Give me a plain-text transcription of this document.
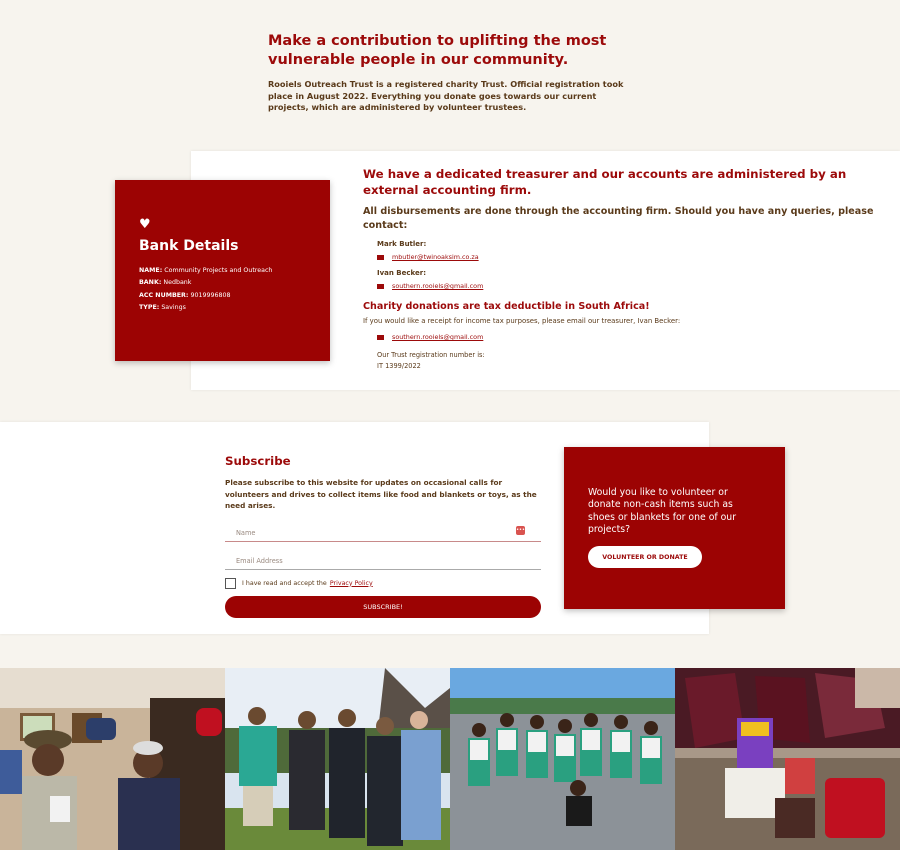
Make a contribution to uplifting the most vulnerable people in our community.

Rooiels Outreach Trust is a registered charity Trust. Official registration took place in August 2022. Everything you donate goes towards our current projects, which are administered by volunteer trustees.

♥
Bank Details
NAME: Community Projects and Outreach
BANK: Nedbank
ACC NUMBER: 9019996808
TYPE: Savings
We have a dedicated treasurer and our accounts are administered by an external accounting firm.
All disbursements are done through the accounting firm. Should you have any queries, please contact:
Mark Butler:
mbutler@twinoaksim.co.za
Ivan Becker:
southern.rooiels@gmail.com
Charity donations are tax deductible in South Africa!
If you would like a receipt for income tax purposes, please email our treasurer, Ivan Becker:
southern.rooiels@gmail.com
Our Trust registration number is:
IT 1399/2022
Subscribe

Please subscribe to this website for updates on occasional calls for volunteers and drives to collect items like food and blankets or toys, as the need arises.

Name
•••
Email Address
I have read and accept the Privacy Policy
SUBSCRIBE!

Would you like to volunteer or donate non-cash items such as shoes or blankets for one of our projects?

VOLUNTEER OR DONATE
